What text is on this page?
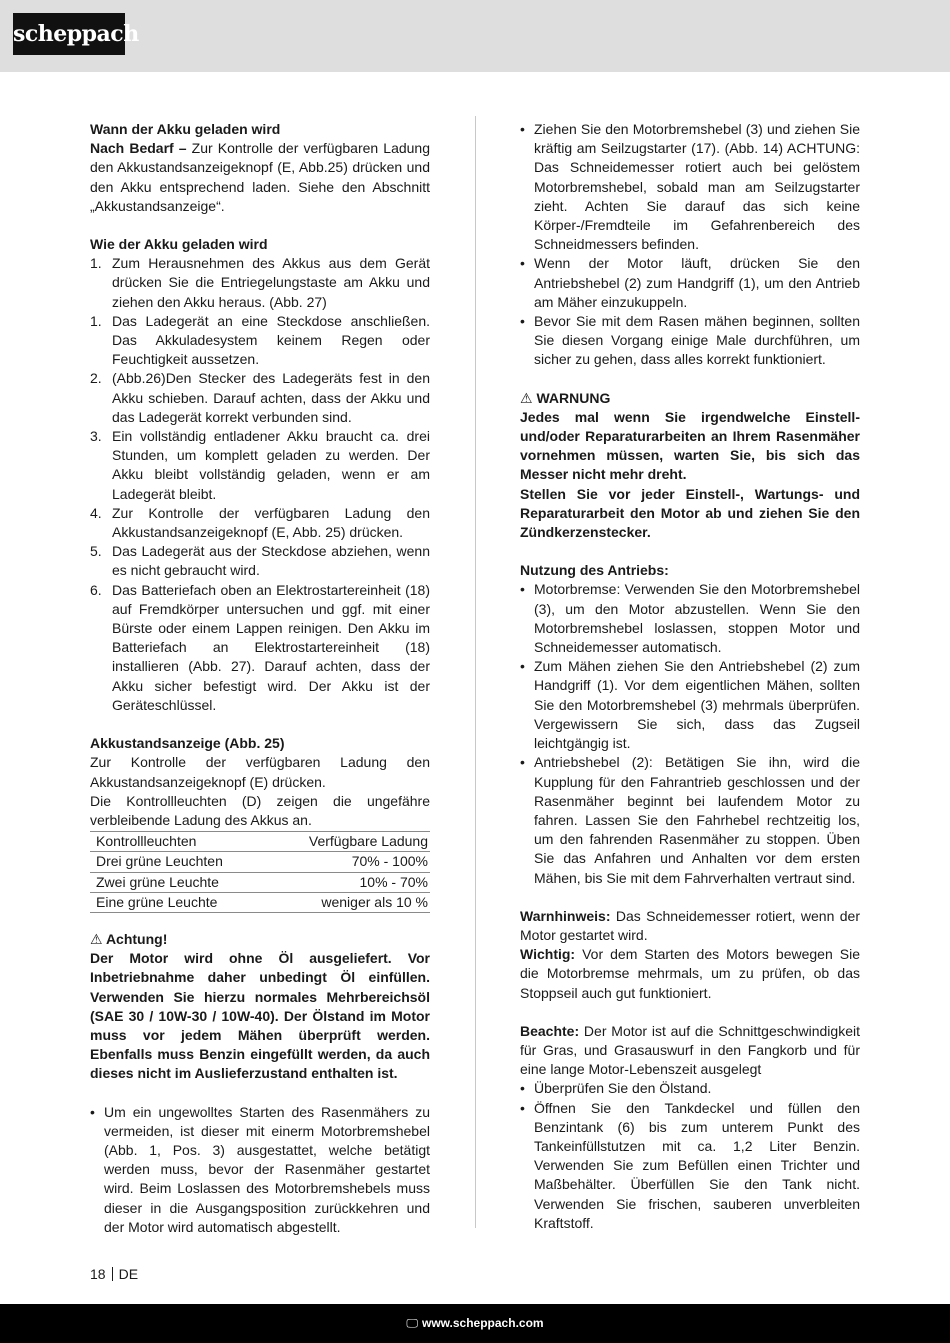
scheppach

Wann der Akku geladen wird

Nach Bedarf – Zur Kontrolle der verfügbaren Ladung den Akkustandsanzeigeknopf (E, Abb.25) drücken und den Akku entsprechend laden. Siehe den Abschnitt „Akkustandsanzeige“.

Wie der Akku geladen wird

1. Zum Herausnehmen des Akkus aus dem Gerät drücken Sie die Entriegelungstaste am Akku und ziehen den Akku heraus. (Abb. 27)
1. Das Ladegerät an eine Steckdose anschließen. Das Akkuladesystem keinem Regen oder Feuchtigkeit aussetzen.
2. (Abb.26)Den Stecker des Ladegeräts fest in den Akku schieben. Darauf achten, dass der Akku und das Ladegerät korrekt verbunden sind.
3. Ein vollständig entladener Akku braucht ca. drei Stunden, um komplett geladen zu werden. Der Akku bleibt vollständig geladen, wenn er am Ladegerät bleibt.
4. Zur Kontrolle der verfügbaren Ladung den Akkustandsanzeigeknopf (E, Abb. 25) drücken.
5. Das Ladegerät aus der Steckdose abziehen, wenn es nicht gebraucht wird.
6. Das Batteriefach oben an Elektrostartereinheit (18) auf Fremdkörper untersuchen und ggf. mit einer Bürste oder einem Lappen reinigen. Den Akku im Batteriefach an Elektrostartereinheit (18) installieren (Abb. 27). Darauf achten, dass der Akku sicher befestigt wird. Der Akku ist der Geräteschlüssel.

Akkustandsanzeige (Abb. 25)

Zur Kontrolle der verfügbaren Ladung den Akkustandsanzeigeknopf (E) drücken.

Die Kontrollleuchten (D) zeigen die ungefähre verbleibende Ladung des Akkus an.

Kontrollleuchten	Verfügbare Ladung
Drei grüne Leuchten	70% - 100%
Zwei grüne Leuchte	10% - 70%
Eine grüne Leuchte	weniger als 10 %

⚠ Achtung!

Der Motor wird ohne Öl ausgeliefert. Vor Inbetriebnahme daher unbedingt Öl einfüllen. Verwenden Sie hierzu normales Mehrbereichsöl (SAE 30 / 10W-30 / 10W-40). Der Ölstand im Motor muss vor jedem Mähen überprüft werden. Ebenfalls muss Benzin eingefüllt werden, da auch dieses nicht im Auslieferzustand enthalten ist.

• Um ein ungewolltes Starten des Rasenmähers zu vermeiden, ist dieser mit einerm Motorbremshebel (Abb. 1, Pos. 3) ausgestattet, welche betätigt werden muss, bevor der Rasenmäher gestartet wird. Beim Loslassen des Motorbremshebels muss dieser in die Ausgangsposition zurückkehren und der Motor wird automatisch abgestellt.
• Ziehen Sie den Motorbremshebel (3) und ziehen Sie kräftig am Seilzugstarter (17). (Abb. 14) ACHTUNG: Das Schneidemesser rotiert auch bei gelöstem Motorbremshebel, sobald man am Seilzugstarter zieht. Achten Sie darauf das sich keine Körper-/Fremdteile im Gefahrenbereich des Schneidmessers befinden.
• Wenn der Motor läuft, drücken Sie den Antriebshebel (2) zum Handgriff (1), um den Antrieb am Mäher einzukuppeln.
• Bevor Sie mit dem Rasen mähen beginnen, sollten Sie diesen Vorgang einige Male durchführen, um sicher zu gehen, dass alles korrekt funktioniert.

⚠ WARNUNG

Jedes mal wenn Sie irgendwelche Einstell- und/oder Reparaturarbeiten an Ihrem Rasenmäher vornehmen müssen, warten Sie, bis sich das Messer nicht mehr dreht.

Stellen Sie vor jeder Einstell-, Wartungs- und Reparaturarbeit den Motor ab und ziehen Sie den Zündkerzenstecker.

Nutzung des Antriebs:

• Motorbremse: Verwenden Sie den Motorbremshebel (3), um den Motor abzustellen. Wenn Sie den Motorbremshebel loslassen, stoppen Motor und Schneidemesser automatisch.
• Zum Mähen ziehen Sie den Antriebshebel (2) zum Handgriff (1). Vor dem eigentlichen Mähen, sollten Sie den Motorbremshebel (3) mehrmals überprüfen. Vergewissern Sie sich, dass das Zugseil leichtgängig ist.
• Antriebshebel (2): Betätigen Sie ihn, wird die Kupplung für den Fahrantrieb geschlossen und der Rasenmäher beginnt bei laufendem Motor zu fahren. Lassen Sie den Fahrhebel rechtzeitig los, um den fahrenden Rasenmäher zu stoppen. Üben Sie das Anfahren und Anhalten vor dem ersten Mähen, bis Sie mit dem Fahrverhalten vertraut sind.

Warnhinweis: Das Schneidemesser rotiert, wenn der Motor gestartet wird.

Wichtig: Vor dem Starten des Motors bewegen Sie die Motorbremse mehrmals, um zu prüfen, ob das Stoppseil auch gut funktioniert.

Beachte: Der Motor ist auf die Schnittgeschwindigkeit für Gras, und Grasauswurf in den Fangkorb und für eine lange Motor-Lebenszeit ausgelegt

• Überprüfen Sie den Ölstand.
• Öffnen Sie den Tankdeckel und füllen den Benzintank (6) bis zum unterem Punkt des Tankeinfüllstutzen mit ca. 1,2 Liter Benzin. Verwenden Sie zum Befüllen einen Trichter und Maßbehälter. Überfüllen Sie den Tank nicht. Verwenden Sie frischen, sauberen unverbleiten Kraftstoff.
18 DE
🖵 www.scheppach.com
